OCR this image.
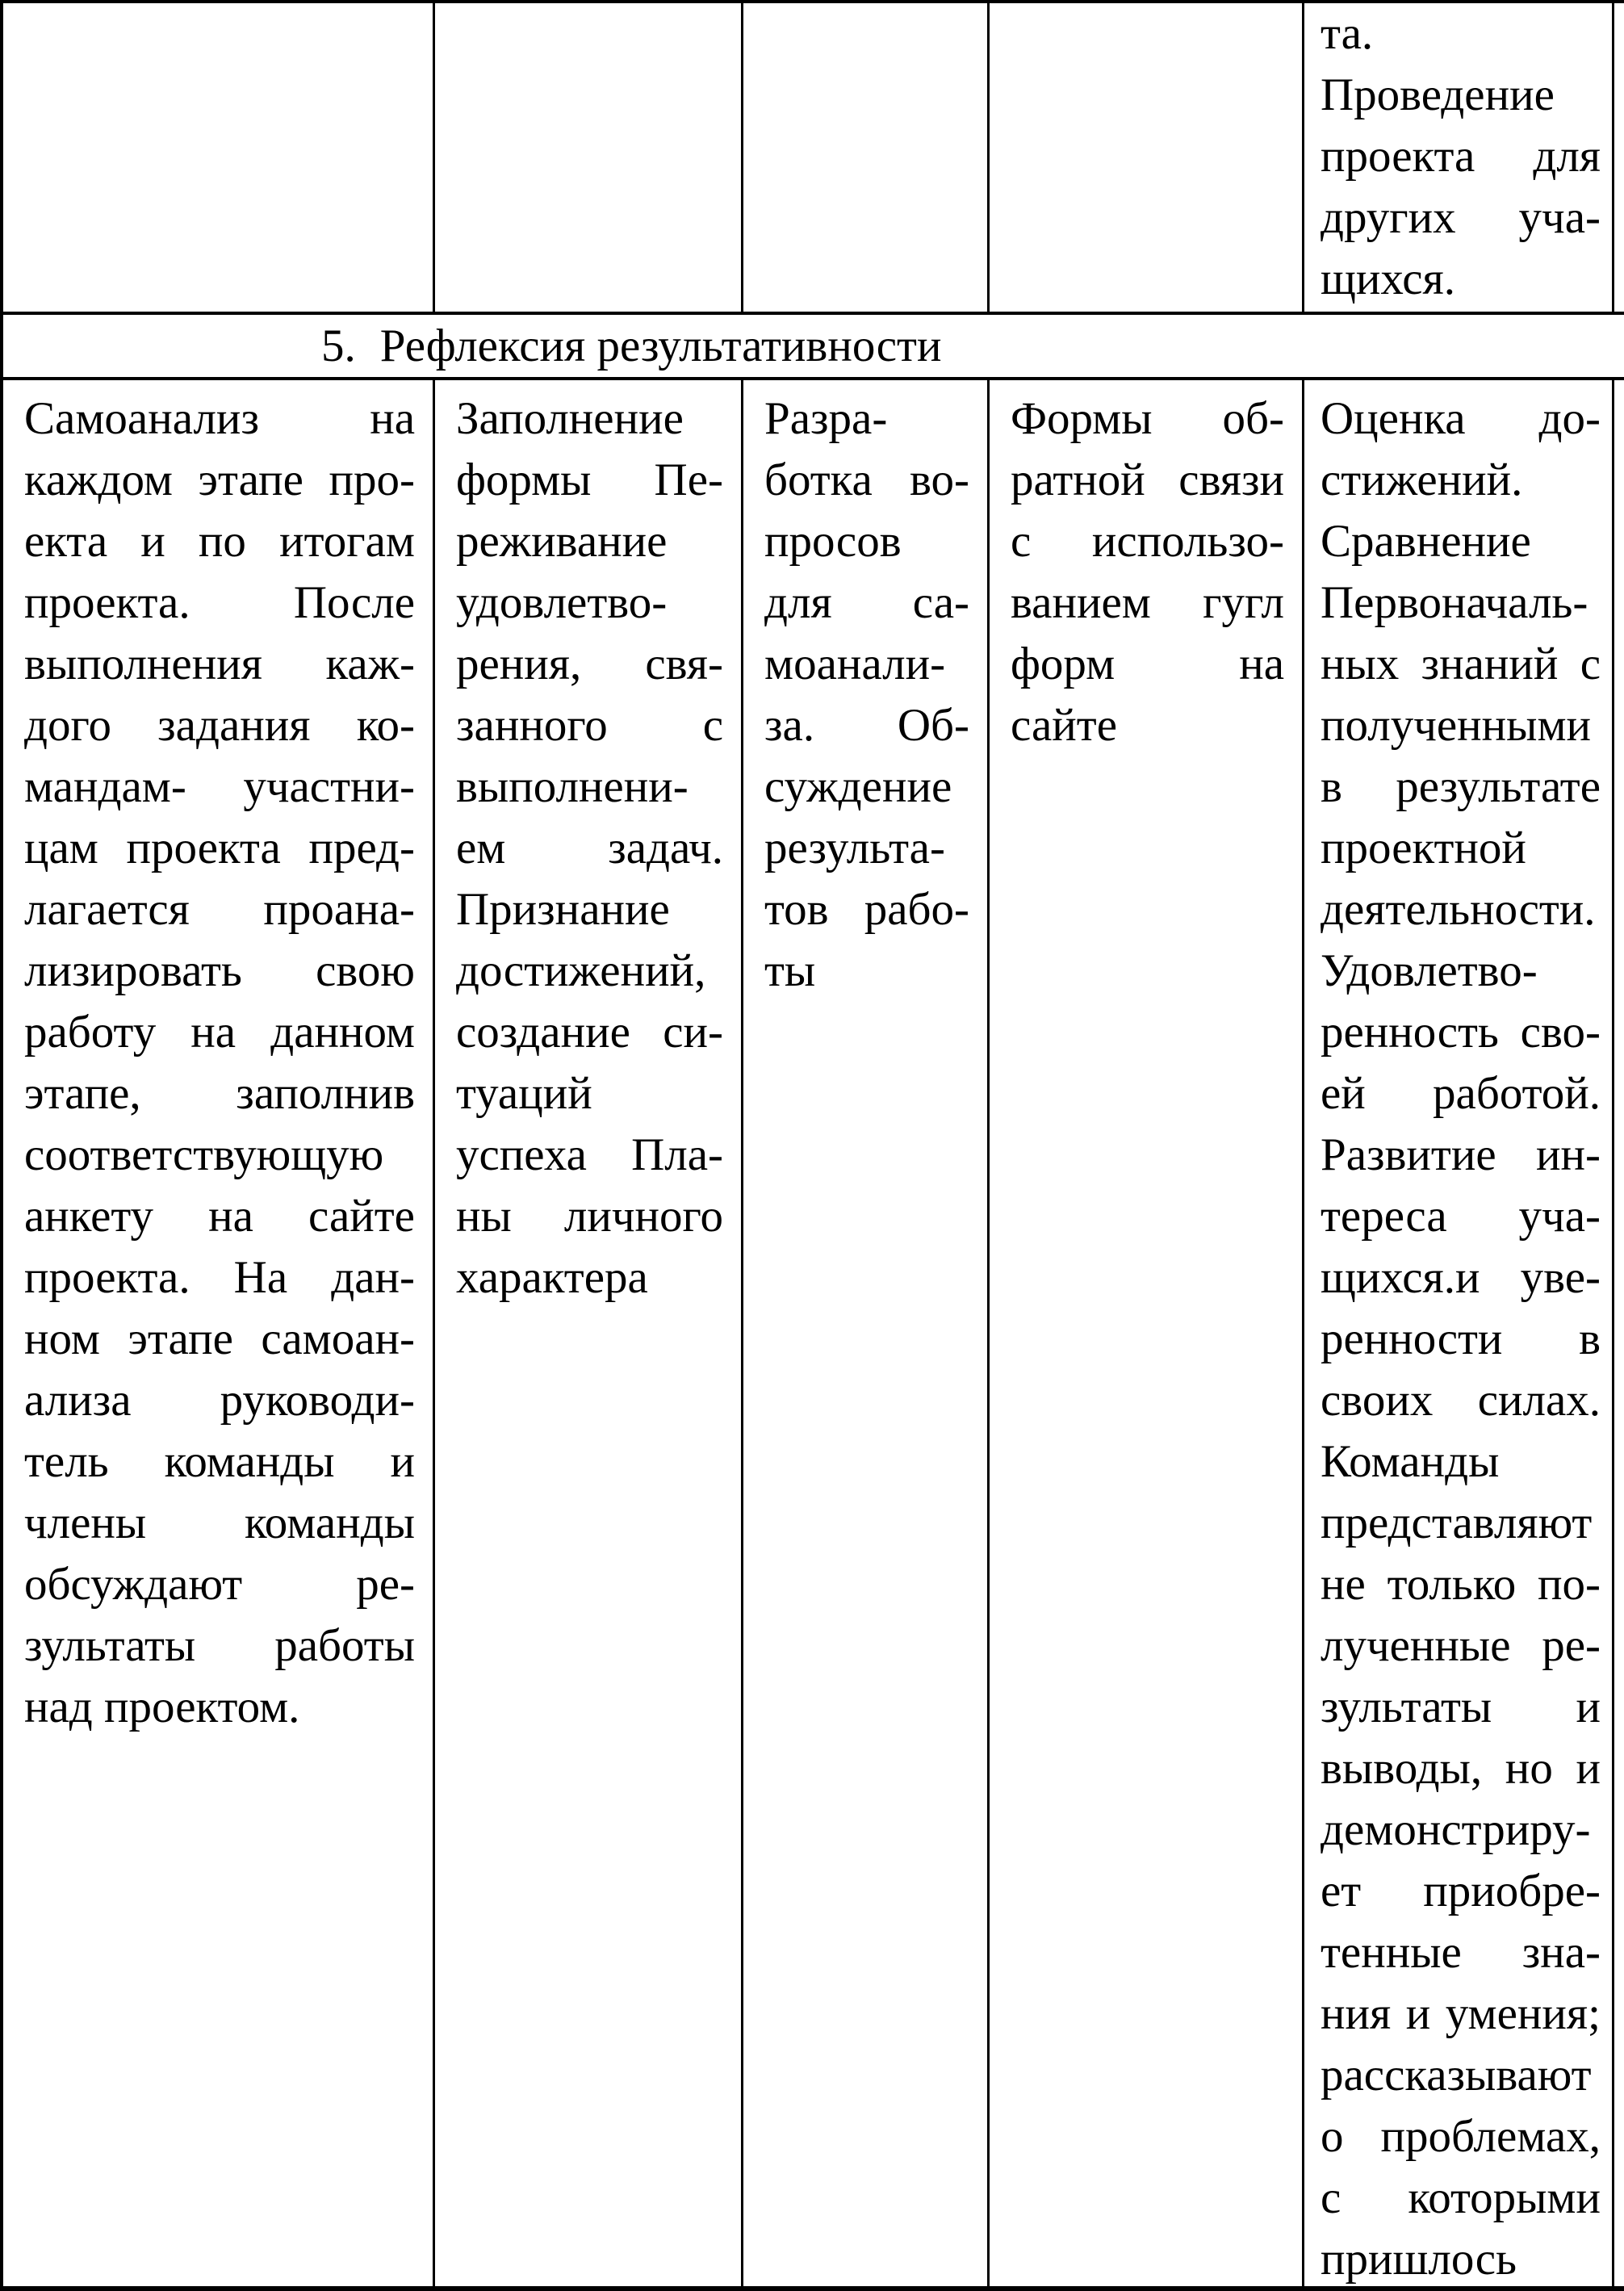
та.
Проведение
проекта для
других уча-
щихся.
5. Рефлексия результативности
Самоанализ на
каждом этапе про-
екта и по итогам
проекта. После
выполнения каж-
дого задания ко-
мандам- участни-
цам проекта пред-
лагается проана-
лизировать свою
работу на данном
этапе, заполнив
соответствующую
анкету на сайте
проекта. На дан-
ном этапе самоан-
ализа руководи-
тель команды и
члены команды
обсуждают ре-
зультаты работы
над проектом.
Заполнение
формы Пе-
реживание
удовлетво-
рения, свя-
занного с
выполнени-
ем задач.
Признание
достижений,
создание си-
туаций
успеха Пла-
ны личного
характера
Разра-
ботка во-
просов
для са-
моанали-
за. Об-
суждение
результа-
тов рабо-
ты
Формы об-
ратной связи
с использо-
ванием гугл
форм на
сайте
Оценка до-
стижений.
Сравнение
Первоначаль-
ных знаний с
полученными
в результате
проектной
деятельности.
Удовлетво-
ренность сво-
ей работой.
Развитие ин-
тереса уча-
щихся.и уве-
ренности в
своих силах.
Команды
представляют
не только по-
лученные ре-
зультаты и
выводы, но и
демонстриру-
ет приобре-
тенные зна-
ния и умения;
рассказывают
о проблемах,
с которыми
пришлось
